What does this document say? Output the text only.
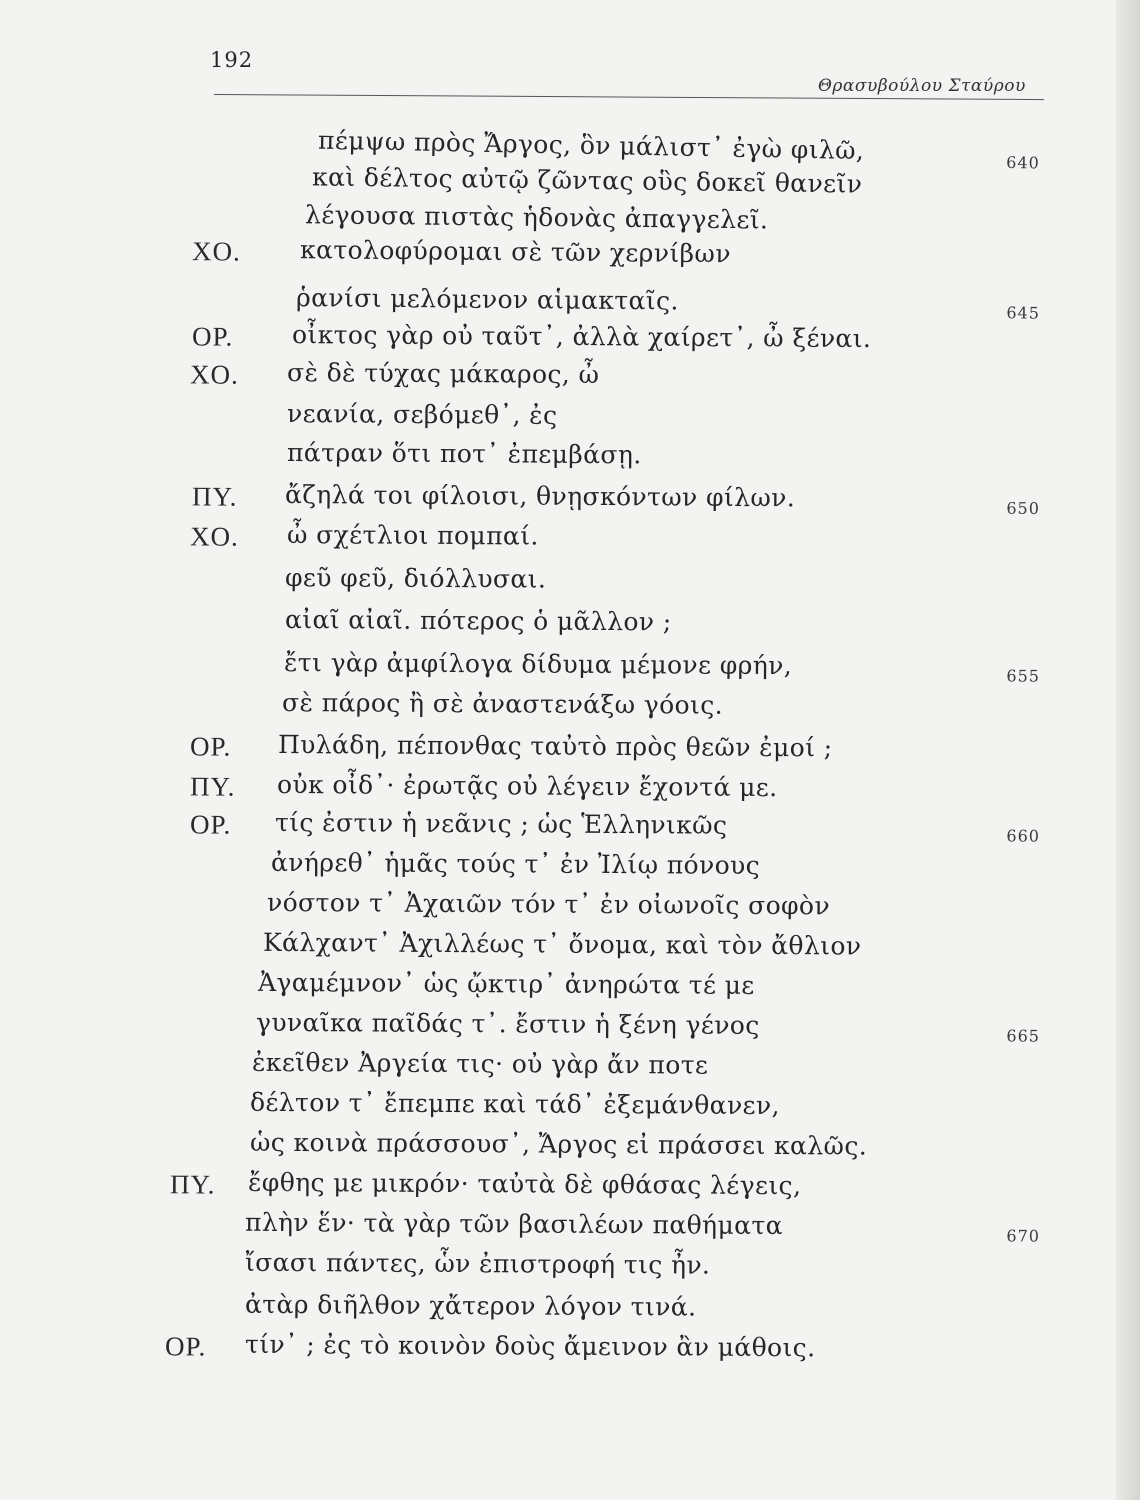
192
Θρασυβούλου Σταύρου
πέμψω πρὸς Ἄργος, ὃν μάλιστ᾽ ἐγὼ φιλῶ,	640
καὶ δέλτος αὐτῷ ζῶντας οὓς δοκεῖ θανεῖν
λέγουσα πιστὰς ἡδονὰς ἀπαγγελεῖ.
ΧΟ. κατολοφύρομαι σὲ τῶν χερνίβων
ῥανίσι μελόμενον αἱμακταῖς.	645
ΟΡ. οἶκτος γὰρ οὐ ταῦτ᾽, ἀλλὰ χαίρετ᾽, ὦ ξέναι.
ΧΟ. σὲ δὲ τύχας μάκαρος, ὦ
νεανία, σεβόμεθ᾽, ἐς
πάτραν ὅτι ποτ᾽ ἐπεμβάσῃ.
ΠΥ. ἄζηλά τοι φίλοισι, θνῃσκόντων φίλων.	650
ΧΟ. ὦ σχέτλιοι πομπαί.
φεῦ φεῦ, διόλλυσαι.
αἰαῖ αἰαῖ. πότερος ὁ μᾶλλον ;
ἔτι γὰρ ἀμφίλογα δίδυμα μέμονε φρήν,	655
σὲ πάρος ἢ σὲ ἀναστενάξω γόοις.
ΟΡ. Πυλάδη, πέπονθας ταὐτὸ πρὸς θεῶν ἐμοί ;
ΠΥ. οὐκ οἶδ᾽· ἐρωτᾷς οὐ λέγειν ἔχοντά με.
ΟΡ. τίς ἐστιν ἡ νεᾶνις ; ὡς Ἑλληνικῶς	660
ἀνήρεθ᾽ ἡμᾶς τούς τ᾽ ἐν Ἰλίῳ πόνους
νόστον τ᾽ Ἀχαιῶν τόν τ᾽ ἐν οἰωνοῖς σοφὸν
Κάλχαντ᾽ Ἀχιλλέως τ᾽ ὄνομα, καὶ τὸν ἄθλιον
Ἀγαμέμνον᾽ ὡς ᾤκτιρ᾽ ἀνηρώτα τέ με
γυναῖκα παῖδάς τ᾽. ἔστιν ἡ ξένη γένος	665
ἐκεῖθεν Ἀργεία τις· οὐ γὰρ ἄν ποτε
δέλτον τ᾽ ἔπεμπε καὶ τάδ᾽ ἐξεμάνθανεν,
ὡς κοινὰ πράσσουσ᾽, Ἄργος εἰ πράσσει καλῶς.
ΠΥ. ἔφθης με μικρόν· ταὐτὰ δὲ φθάσας λέγεις,
πλὴν ἕν· τὰ γὰρ τῶν βασιλέων παθήματα	670
ἴσασι πάντες, ὧν ἐπιστροφή τις ἦν.
ἀτὰρ διῆλθον χἄτερον λόγον τινά.
ΟΡ. τίν᾽ ; ἐς τὸ κοινὸν δοὺς ἄμεινον ἂν μάθοις.
